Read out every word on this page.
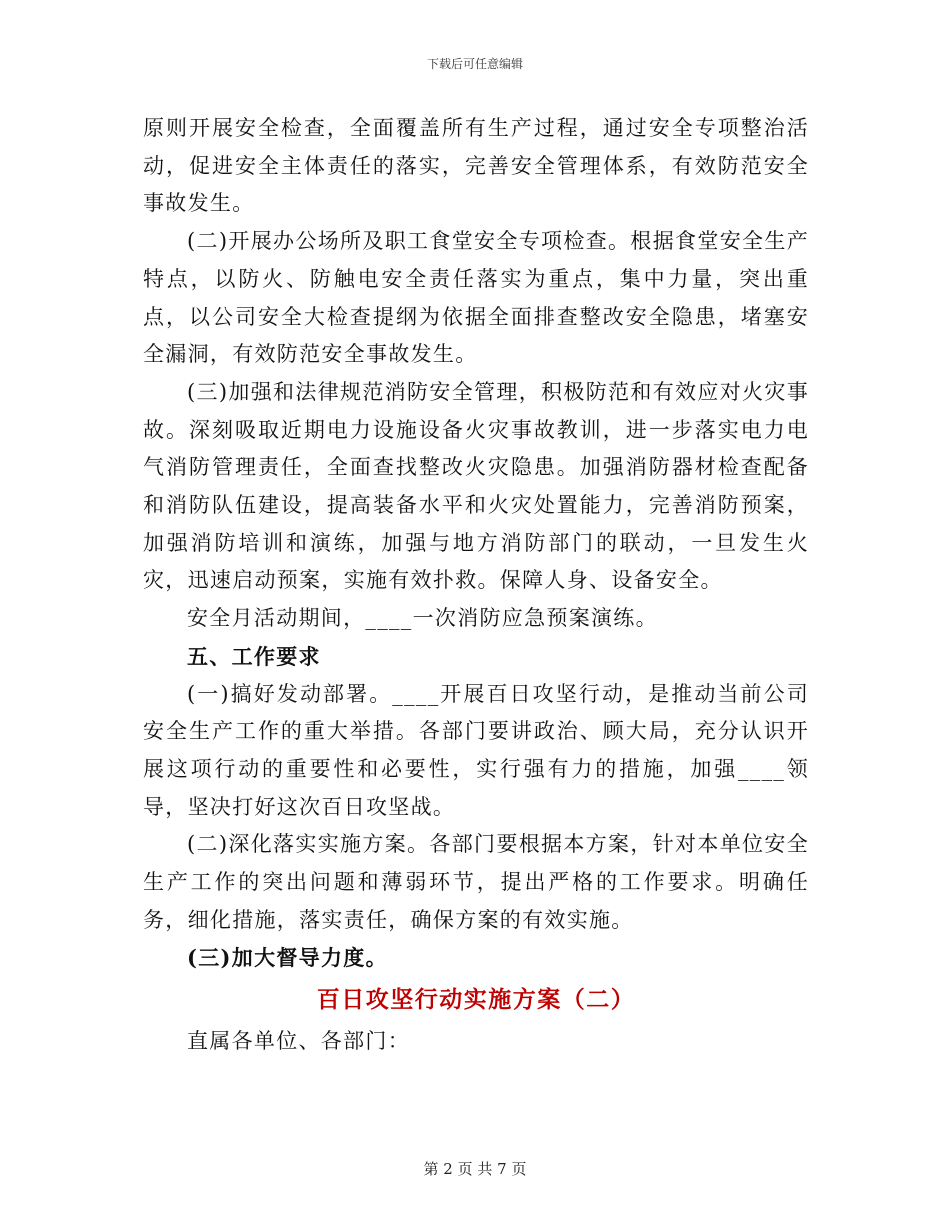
下载后可任意编辑

原则开展安全检查，全面覆盖所有生产过程，通过安全专项整治活动，促进安全主体责任的落实，完善安全管理体系，有效防范安全事故发生。

(二)开展办公场所及职工食堂安全专项检查。根据食堂安全生产特点，以防火、防触电安全责任落实为重点，集中力量，突出重点，以公司安全大检查提纲为依据全面排查整改安全隐患，堵塞安全漏洞，有效防范安全事故发生。

(三)加强和法律规范消防安全管理，积极防范和有效应对火灾事故。深刻吸取近期电力设施设备火灾事故教训，进一步落实电力电气消防管理责任，全面查找整改火灾隐患。加强消防器材检查配备和消防队伍建设，提高装备水平和火灾处置能力，完善消防预案，加强消防培训和演练，加强与地方消防部门的联动，一旦发生火灾，迅速启动预案，实施有效扑救。保障人身、设备安全。

安全月活动期间，____一次消防应急预案演练。

五、工作要求

(一)搞好发动部署。____开展百日攻坚行动，是推动当前公司安全生产工作的重大举措。各部门要讲政治、顾大局，充分认识开展这项行动的重要性和必要性，实行强有力的措施，加强____领导，坚决打好这次百日攻坚战。

(二)深化落实实施方案。各部门要根据本方案，针对本单位安全生产工作的突出问题和薄弱环节，提出严格的工作要求。明确任务，细化措施，落实责任，确保方案的有效实施。

(三)加大督导力度。

百日攻坚行动实施方案（二）

直属各单位、各部门：

第 2 页 共 7 页
